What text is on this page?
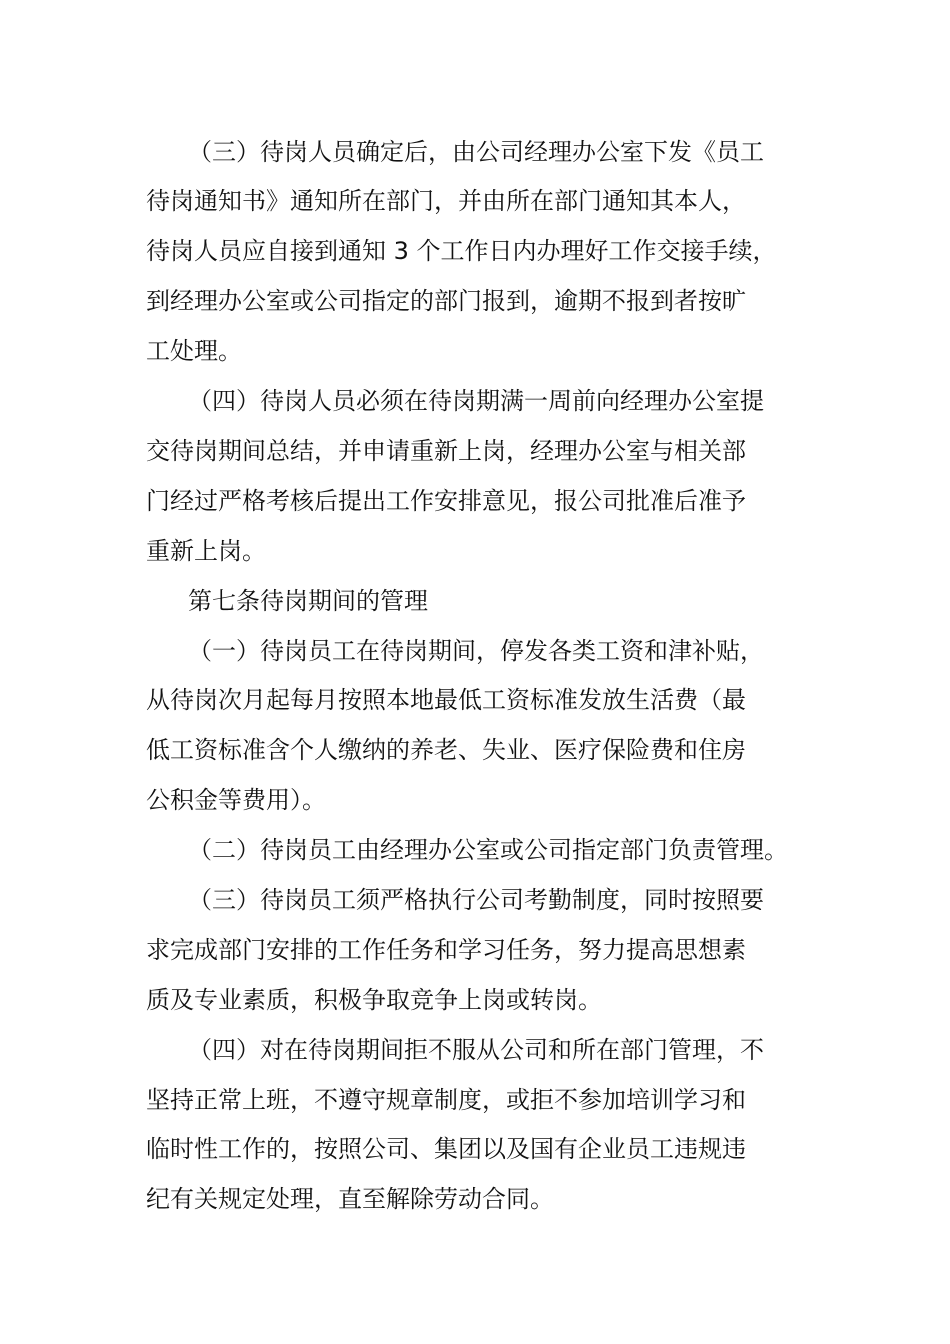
（三）待岗人员确定后，由公司经理办公室下发《员工
待岗通知书》通知所在部门，并由所在部门通知其本人，
待岗人员应自接到通知 3 个工作日内办理好工作交接手续，
到经理办公室或公司指定的部门报到，逾期不报到者按旷
工处理。
（四）待岗人员必须在待岗期满一周前向经理办公室提
交待岗期间总结，并申请重新上岗，经理办公室与相关部
门经过严格考核后提出工作安排意见，报公司批准后准予
重新上岗。
第七条待岗期间的管理
（一）待岗员工在待岗期间，停发各类工资和津补贴，
从待岗次月起每月按照本地最低工资标准发放生活费（最
低工资标准含个人缴纳的养老、失业、医疗保险费和住房
公积金等费用）。
（二）待岗员工由经理办公室或公司指定部门负责管理。
（三）待岗员工须严格执行公司考勤制度，同时按照要
求完成部门安排的工作任务和学习任务，努力提高思想素
质及专业素质，积极争取竞争上岗或转岗。
（四）对在待岗期间拒不服从公司和所在部门管理，不
坚持正常上班，不遵守规章制度，或拒不参加培训学习和
临时性工作的，按照公司、集团以及国有企业员工违规违
纪有关规定处理，直至解除劳动合同。
